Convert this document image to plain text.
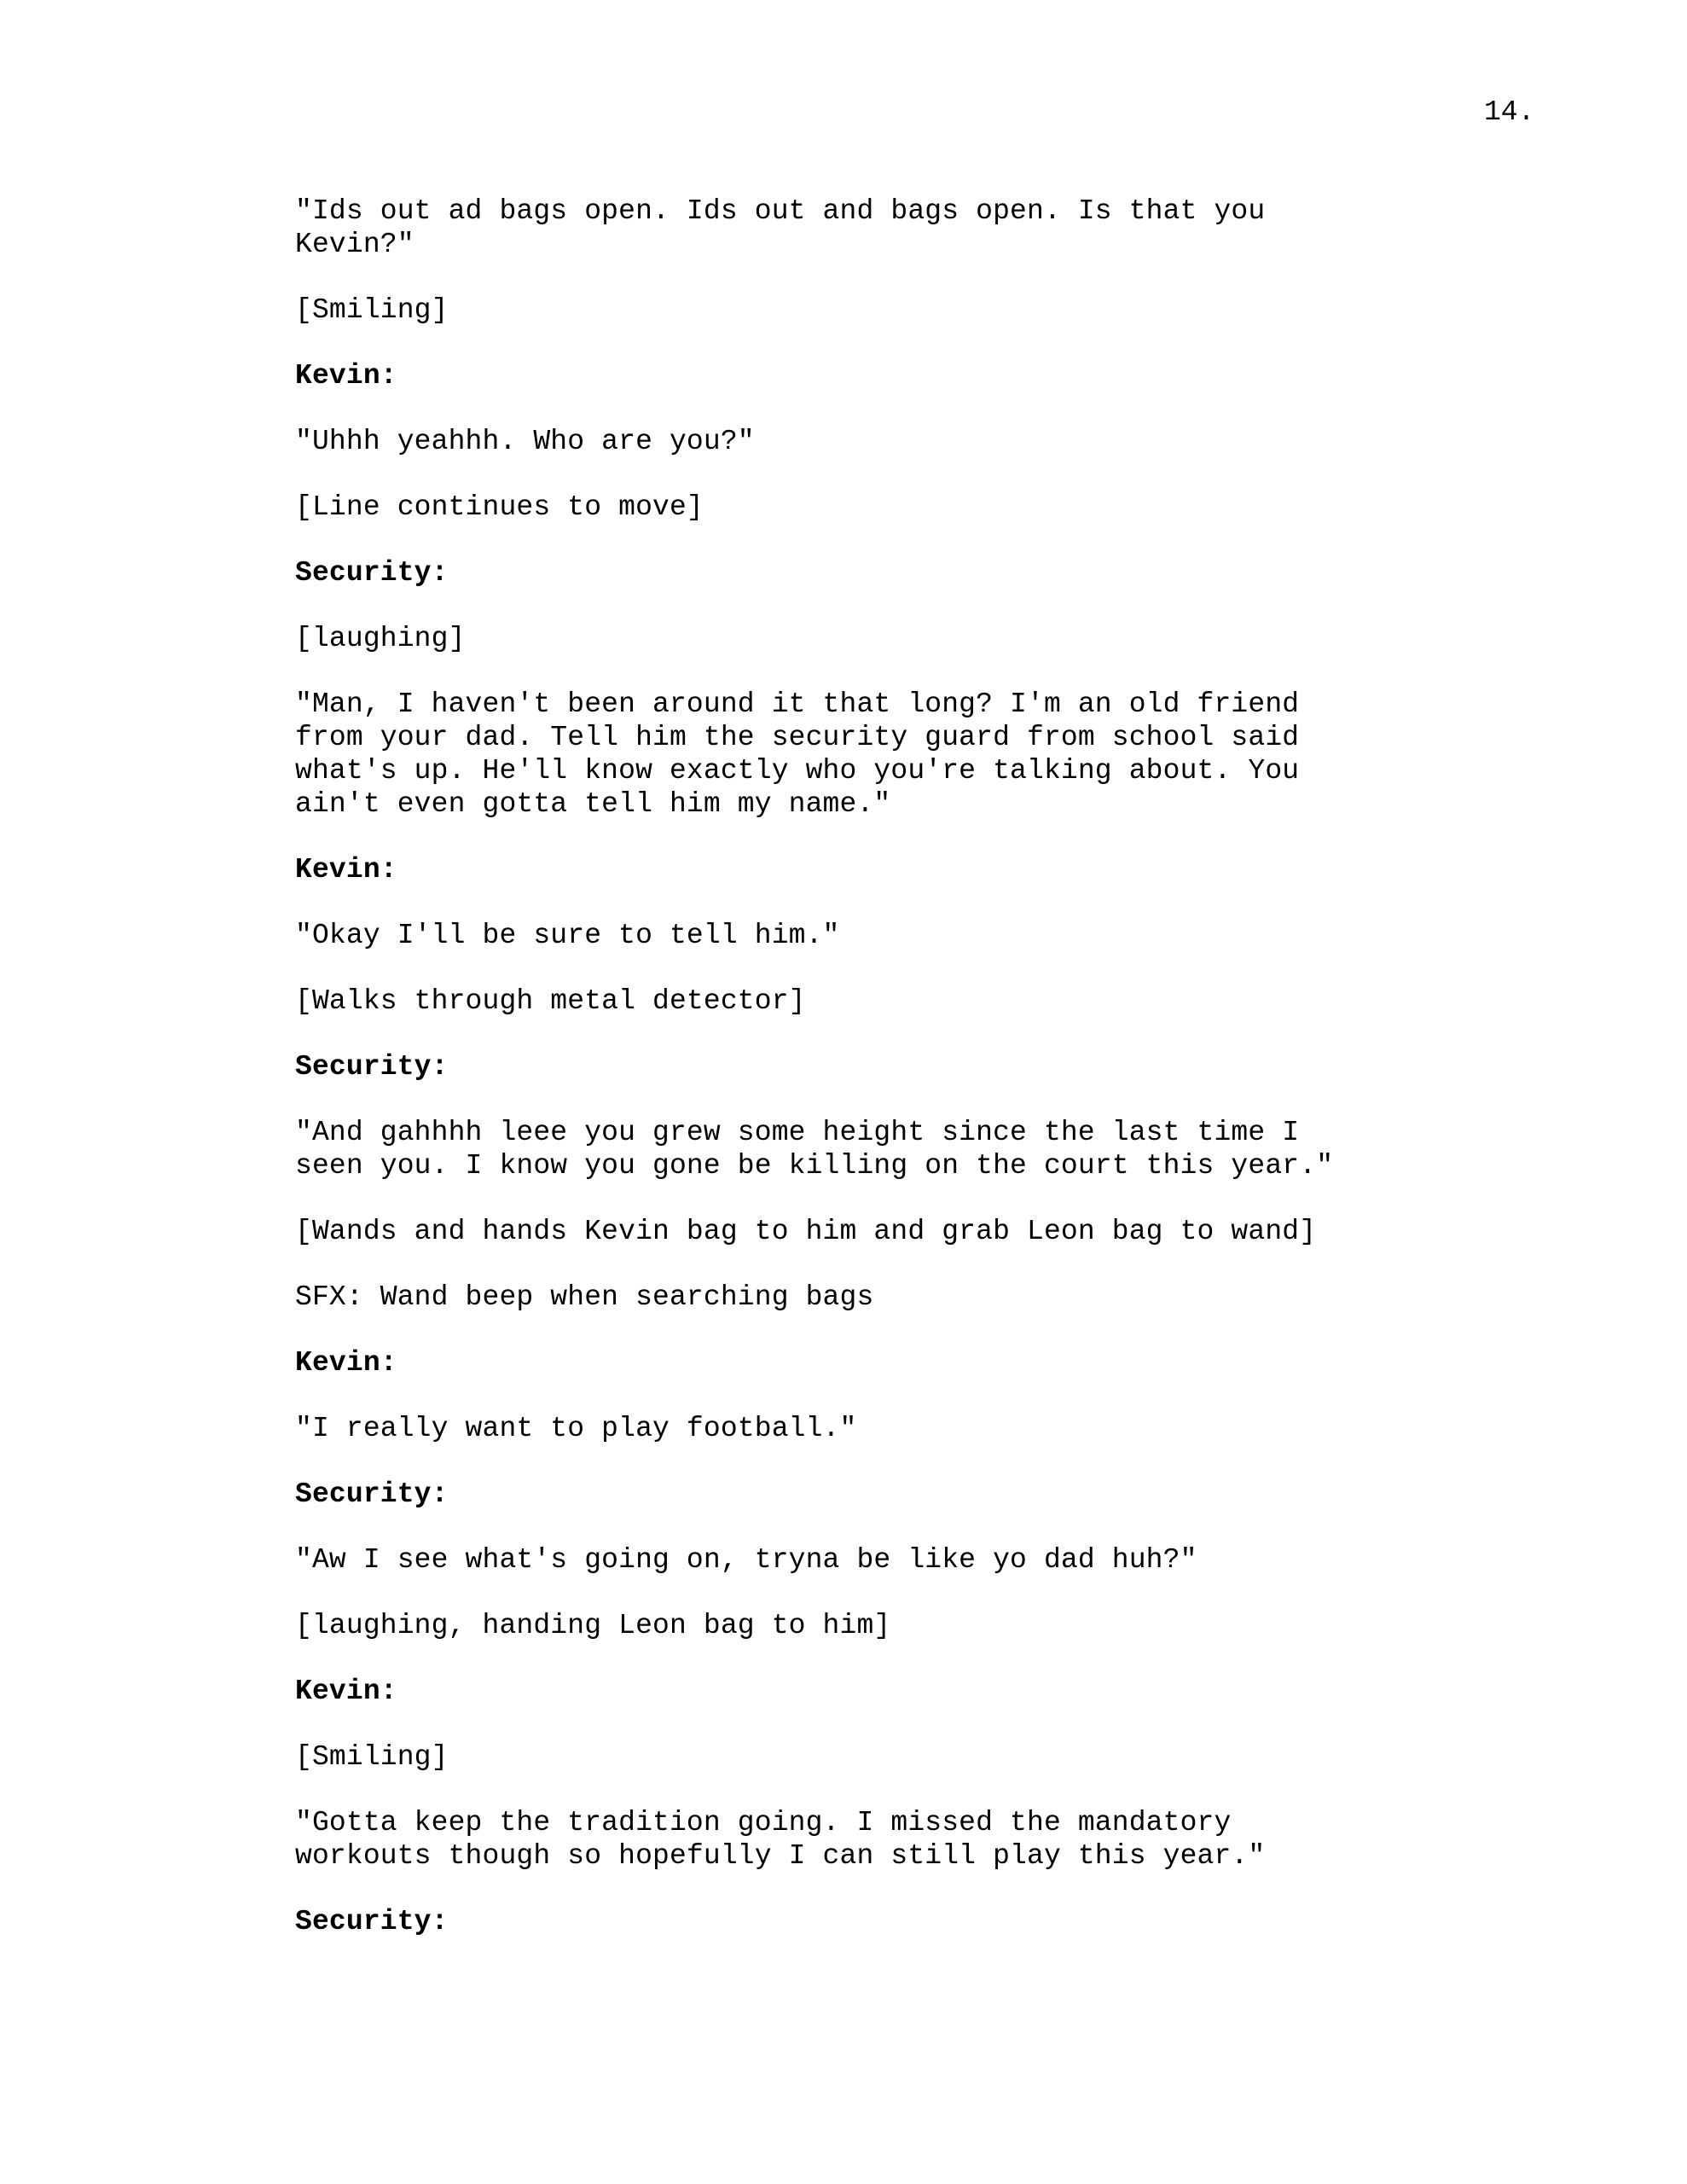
14.

"Ids out ad bags open. Ids out and bags open. Is that you
Kevin?"

[Smiling]

Kevin:

"Uhhh yeahhh. Who are you?"

[Line continues to move]

Security:

[laughing]

"Man, I haven't been around it that long? I'm an old friend
from your dad. Tell him the security guard from school said
what's up. He'll know exactly who you're talking about. You
ain't even gotta tell him my name."

Kevin:

"Okay I'll be sure to tell him."

[Walks through metal detector]

Security:

"And gahhhh leee you grew some height since the last time I
seen you. I know you gone be killing on the court this year."

[Wands and hands Kevin bag to him and grab Leon bag to wand]

SFX: Wand beep when searching bags

Kevin:

"I really want to play football."

Security:

"Aw I see what's going on, tryna be like yo dad huh?"

[laughing, handing Leon bag to him]

Kevin:

[Smiling]

"Gotta keep the tradition going. I missed the mandatory
workouts though so hopefully I can still play this year."

Security:
